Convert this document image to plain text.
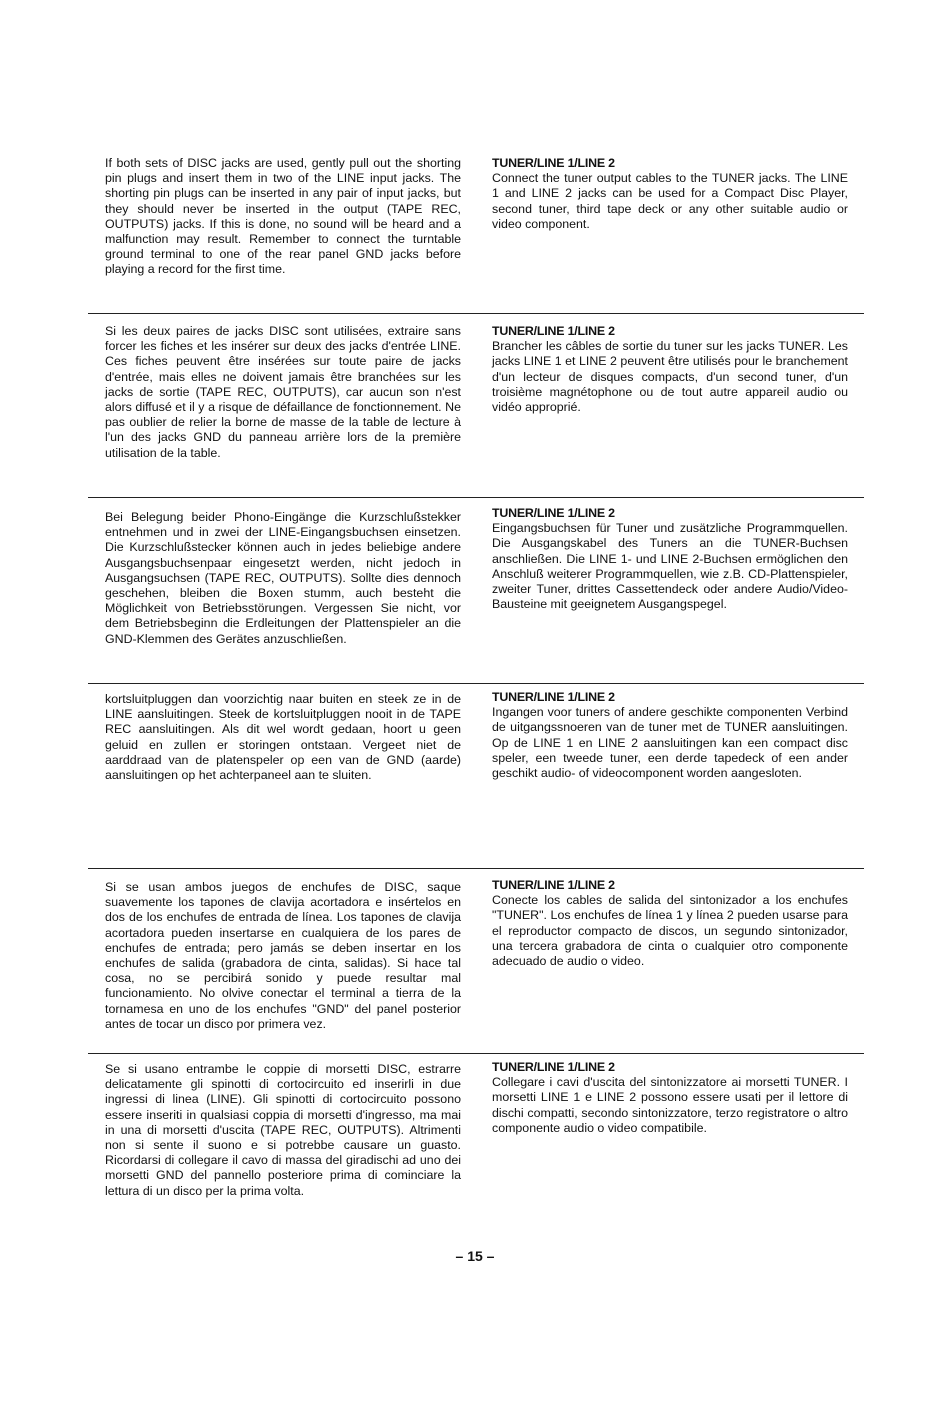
If both sets of DISC jacks are used, gently pull out the shorting pin plugs and insert them in two of the LINE input jacks. The shorting pin plugs can be inserted in any pair of input jacks, but they should never be inserted in the output (TAPE REC, OUTPUTS) jacks. If this is done, no sound will be heard and a malfunction may result. Remember to connect the turntable ground terminal to one of the rear panel GND jacks before playing a record for the first time.

TUNER/LINE 1/LINE 2

Connect the tuner output cables to the TUNER jacks. The LINE 1 and LINE 2 jacks can be used for a Compact Disc Player, second tuner, third tape deck or any other suitable audio or video component.

Si les deux paires de jacks DISC sont utilisées, extraire sans forcer les fiches et les insérer sur deux des jacks d'entrée LINE. Ces fiches peuvent être insérées sur toute paire de jacks d'entrée, mais elles ne doivent jamais être branchées sur les jacks de sortie (TAPE REC, OUTPUTS), car aucun son n'est alors diffusé et il y a risque de défaillance de fonctionnement. Ne pas oublier de relier la borne de masse de la table de lecture à l'un des jacks GND du panneau arrière lors de la première utilisation de la table.

TUNER/LINE 1/LINE 2

Brancher les câbles de sortie du tuner sur les jacks TUNER. Les jacks LINE 1 et LINE 2 peuvent être utilisés pour le branchement d'un lecteur de disques compacts, d'un second tuner, d'un troisième magnétophone ou de tout autre appareil audio ou vidéo approprié.

Bei Belegung beider Phono-Eingänge die Kurzschlußstekker entnehmen und in zwei der LINE-Eingangsbuchsen einsetzen. Die Kurzschlußstecker können auch in jedes beliebige andere Ausgangsbuchsenpaar eingesetzt werden, nicht jedoch in Ausgangsuchsen (TAPE REC, OUTPUTS). Sollte dies dennoch geschehen, bleiben die Boxen stumm, auch besteht die Möglichkeit von Betriebsstörungen. Vergessen Sie nicht, vor dem Betriebsbeginn die Erdleitungen der Plattenspieler an die GND-Klemmen des Gerätes anzuschließen.

TUNER/LINE 1/LINE 2

Eingangsbuchsen für Tuner und zusätzliche Programmquellen. Die Ausgangskabel des Tuners an die TUNER-Buchsen anschließen. Die LINE 1- und LINE 2-Buchsen ermöglichen den Anschluß weiterer Programmquellen, wie z.B. CD-Plattenspieler, zweiter Tuner, drittes Cassettendeck oder andere Audio/Video-Bausteine mit geeignetem Ausgangspegel.

kortsluitpluggen dan voorzichtig naar buiten en steek ze in de LINE aansluitingen. Steek de kortsluitpluggen nooit in de TAPE REC aansluitingen. Als dit wel wordt gedaan, hoort u geen geluid en zullen er storingen ontstaan. Vergeet niet de aarddraad van de platenspeler op een van de GND (aarde) aansluitingen op het achterpaneel aan te sluiten.

TUNER/LINE 1/LINE 2

Ingangen voor tuners of andere geschikte componenten Verbind de uitgangssnoeren van de tuner met de TUNER aansluitingen. Op de LINE 1 en LINE 2 aansluitingen kan een compact disc speler, een tweede tuner, een derde tapedeck of een ander geschikt audio- of videocomponent worden aangesloten.

Si se usan ambos juegos de enchufes de DISC, saque suavemente los tapones de clavija acortadora e insértelos en dos de los enchufes de entrada de línea. Los tapones de clavija acortadora pueden insertarse en cualquiera de los pares de enchufes de entrada; pero jamás se deben insertar en los enchufes de salida (grabadora de cinta, salidas). Si hace tal cosa, no se percibirá sonido y puede resultar mal funcionamiento. No olvive conectar el terminal a tierra de la tornamesa en uno de los enchufes "GND" del panel posterior antes de tocar un disco por primera vez.

TUNER/LINE 1/LINE 2

Conecte los cables de salida del sintonizador a los enchufes "TUNER". Los enchufes de línea 1 y línea 2 pueden usarse para el reproductor compacto de discos, un segundo sintonizador, una tercera grabadora de cinta o cualquier otro componente adecuado de audio o video.

Se si usano entrambe le coppie di morsetti DISC, estrarre delicatamente gli spinotti di cortocircuito ed inserirli in due ingressi di linea (LINE). Gli spinotti di cortocircuito possono essere inseriti in qualsiasi coppia di morsetti d'ingresso, ma mai in una di morsetti d'uscita (TAPE REC, OUTPUTS). Altrimenti non si sente il suono e si potrebbe causare un guasto. Ricordarsi di collegare il cavo di massa del giradischi ad uno dei morsetti GND del pannello posteriore prima di cominciare la lettura di un disco per la prima volta.

TUNER/LINE 1/LINE 2

Collegare i cavi d'uscita del sintonizzatore ai morsetti TUNER. I morsetti LINE 1 e LINE 2 possono essere usati per il lettore di dischi compatti, secondo sintonizzatore, terzo registratore o altro componente audio o video compatibile.

– 15 –
